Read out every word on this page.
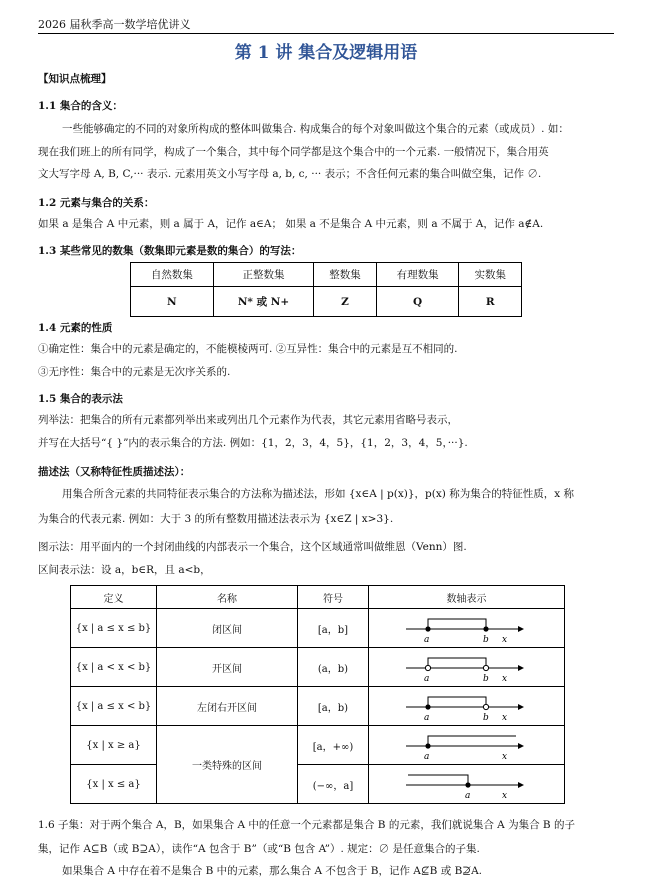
2026 届秋季高一数学培优讲义
第 1 讲 集合及逻辑用语
【知识点梳理】
1.1 集合的含义：
一些能够确定的不同的对象所构成的整体叫做集合. 构成集合的每个对象叫做这个集合的元素（或成员）. 如：
现在我们班上的所有同学，构成了一个集合，其中每个同学都是这个集合中的一个元素. 一般情况下，集合用英
文大写字母 A, B, C,··· 表示. 元素用英文小写字母 a, b, c, ··· 表示；不含任何元素的集合叫做空集，记作 ∅.
1.2 元素与集合的关系：
如果 a 是集合 A 中元素，则 a 属于 A，记作 a∈A； 如果 a 不是集合 A 中元素，则 a 不属于 A，记作 a∉A.
1.3 某些常见的数集（数集即元素是数的集合）的写法：
自然数集	正整数集	整数集	有理数集	实数集
N	N* 或 N+	Z	Q	R
1.4 元素的性质
①确定性：集合中的元素是确定的，不能模棱两可. ②互异性：集合中的元素是互不相同的.
③无序性：集合中的元素是无次序关系的.
1.5 集合的表示法
列举法：把集合的所有元素都列举出来或列出几个元素作为代表，其它元素用省略号表示，
并写在大括号“{ }”内的表示集合的方法. 例如：{1，2，3，4，5}，{1，2，3，4，5，···}.
描述法（又称特征性质描述法）：
用集合所含元素的共同特征表示集合的方法称为描述法，形如 {x∈A | p(x)}，p(x) 称为集合的特征性质，x 称
为集合的代表元素. 例如：大于 3 的所有整数用描述法表示为 {x∈Z | x>3}.
图示法：用平面内的一个封闭曲线的内部表示一个集合，这个区域通常叫做维恩（Venn）图.
区间表示法：设 a，b∈R，且 a<b，
定义	名称	符号	数轴表示
{x | a ≤ x ≤ b}	闭区间	[a，b]	a b x

{x | a < x < b}	开区间	(a，b)	a b x

{x | a ≤ x < b}	左闭右开区间	[a，b)	a b x

{x | x ≥ a}	一类特殊的区间	[a，+∞)	a x

{x | x ≤ a}		(−∞，a]	a x
1.6 子集：对于两个集合 A，B，如果集合 A 中的任意一个元素都是集合 B 的元素，我们就说集合 A 为集合 B 的子
集，记作 A⊆B（或 B⊇A），读作“A 包含于 B”（或“B 包含 A”）. 规定：∅ 是任意集合的子集.
如果集合 A 中存在着不是集合 B 中的元素，那么集合 A 不包含于 B，记作 A⊈B 或 B⊉A.
